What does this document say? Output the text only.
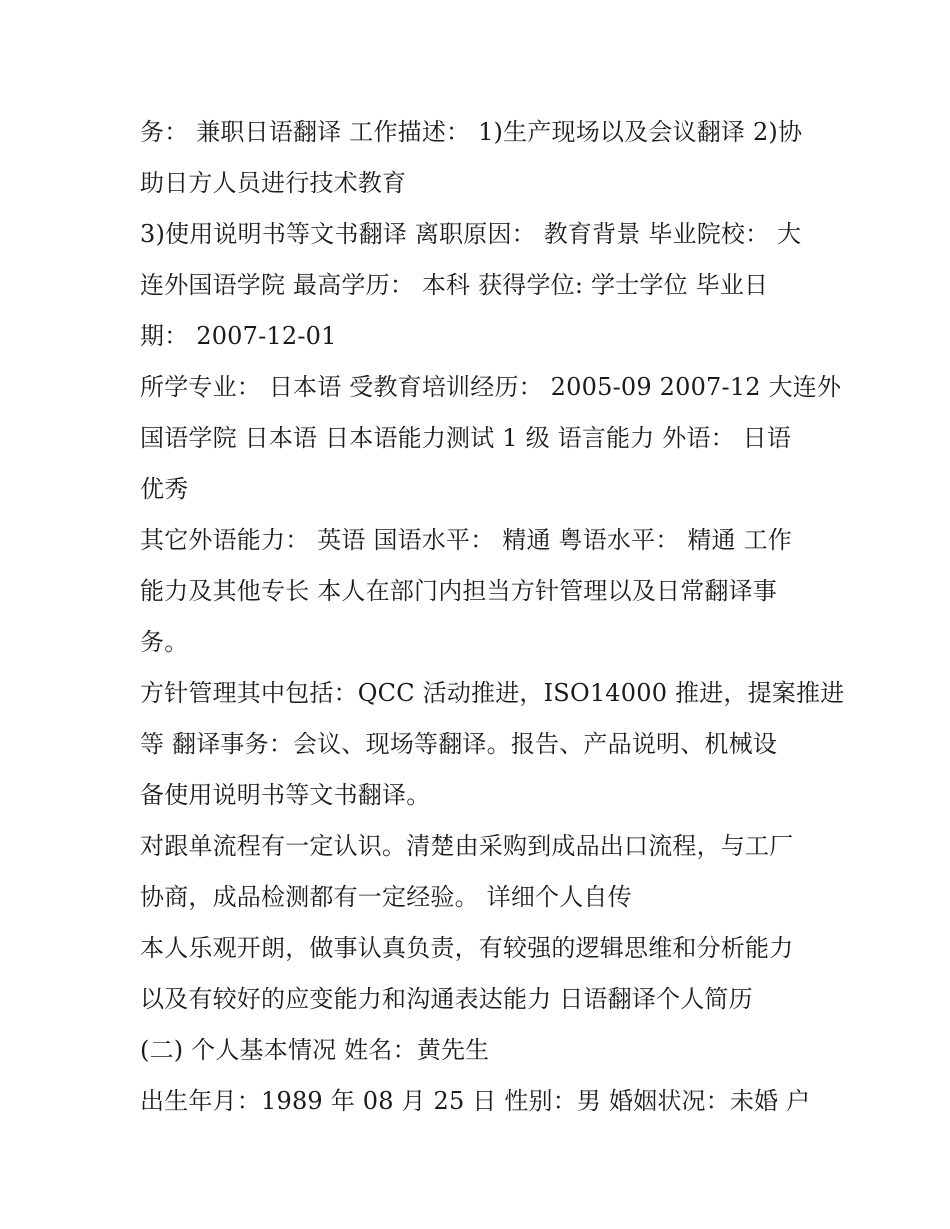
务： 兼职日语翻译 工作描述： 1)生产现场以及会议翻译 2)协
助日方人员进行技术教育
3)使用说明书等文书翻译 离职原因： 教育背景 毕业院校： 大
连外国语学院 最高学历： 本科 获得学位: 学士学位 毕业日
期： 2007-12-01
所学专业： 日本语 受教育培训经历： 2005-09 2007-12 大连外
国语学院 日本语 日本语能力测试 1 级 语言能力 外语： 日语
优秀
其它外语能力： 英语 国语水平： 精通 粤语水平： 精通 工作
能力及其他专长 本人在部门内担当方针管理以及日常翻译事
务。
方针管理其中包括：QCC 活动推进，ISO14000 推进，提案推进
等 翻译事务：会议、现场等翻译。报告、产品说明、机械设
备使用说明书等文书翻译。
对跟单流程有一定认识。清楚由采购到成品出口流程，与工厂
协商，成品检测都有一定经验。 详细个人自传
本人乐观开朗，做事认真负责，有较强的逻辑思维和分析能力
以及有较好的应变能力和沟通表达能力 日语翻译个人简历
(二) 个人基本情况 姓名：黄先生
出生年月：1989 年 08 月 25 日 性别：男 婚姻状况：未婚 户
